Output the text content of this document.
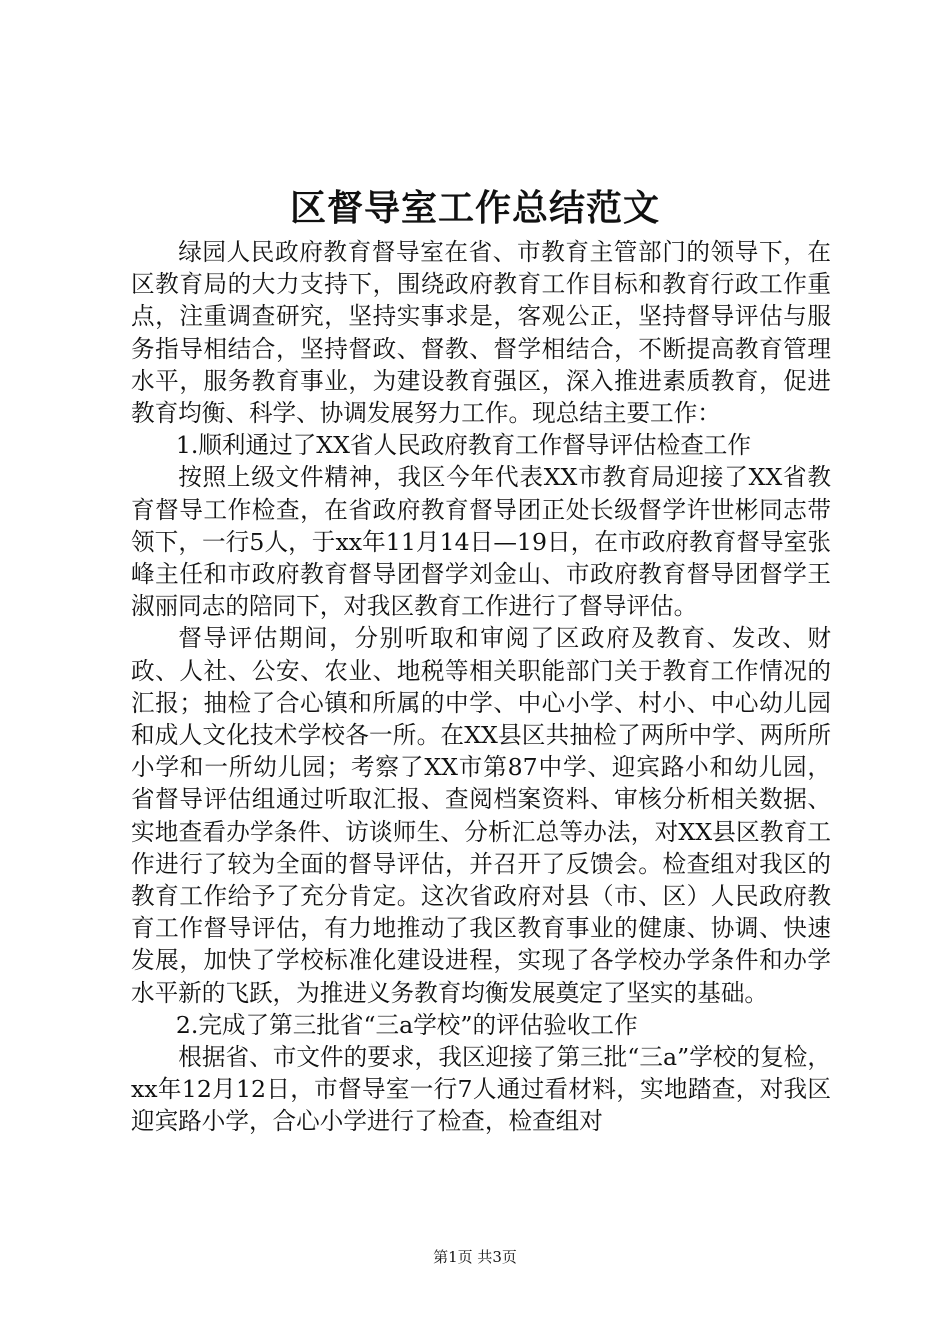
区督导室工作总结范文

绿园人民政府教育督导室在省、市教育主管部门的领导下，在区教育局的大力支持下，围绕政府教育工作目标和教育行政工作重点，注重调查研究，坚持实事求是，客观公正，坚持督导评估与服务指导相结合，坚持督政、督教、督学相结合，不断提高教育管理水平，服务教育事业，为建设教育强区，深入推进素质教育，促进教育均衡、科学、协调发展努力工作。现总结主要工作：

1.顺利通过了XX省人民政府教育工作督导评估检查工作

按照上级文件精神，我区今年代表XX市教育局迎接了XX省教育督导工作检查，在省政府教育督导团正处长级督学许世彬同志带领下，一行5人，于xx年11月14日—19日，在市政府教育督导室张峰主任和市政府教育督导团督学刘金山、市政府教育督导团督学王淑丽同志的陪同下，对我区教育工作进行了督导评估。

督导评估期间，分别听取和审阅了区政府及教育、发改、财政、人社、公安、农业、地税等相关职能部门关于教育工作情况的汇报；抽检了合心镇和所属的中学、中心小学、村小、中心幼儿园和成人文化技术学校各一所。在XX县区共抽检了两所中学、两所所小学和一所幼儿园；考察了XX市第87中学、迎宾路小和幼儿园，省督导评估组通过听取汇报、查阅档案资料、审核分析相关数据、实地查看办学条件、访谈师生、分析汇总等办法，对XX县区教育工作进行了较为全面的督导评估，并召开了反馈会。检查组对我区的教育工作给予了充分肯定。这次省政府对县（市、区）人民政府教育工作督导评估，有力地推动了我区教育事业的健康、协调、快速发展，加快了学校标准化建设进程，实现了各学校办学条件和办学水平新的飞跃，为推进义务教育均衡发展奠定了坚实的基础。

2.完成了第三批省“三a学校”的评估验收工作

根据省、市文件的要求，我区迎接了第三批“三a”学校的复检，xx年12月12日，市督导室一行7人通过看材料，实地踏查，对我区迎宾路小学，合心小学进行了检查，检查组对

第1页 共3页
